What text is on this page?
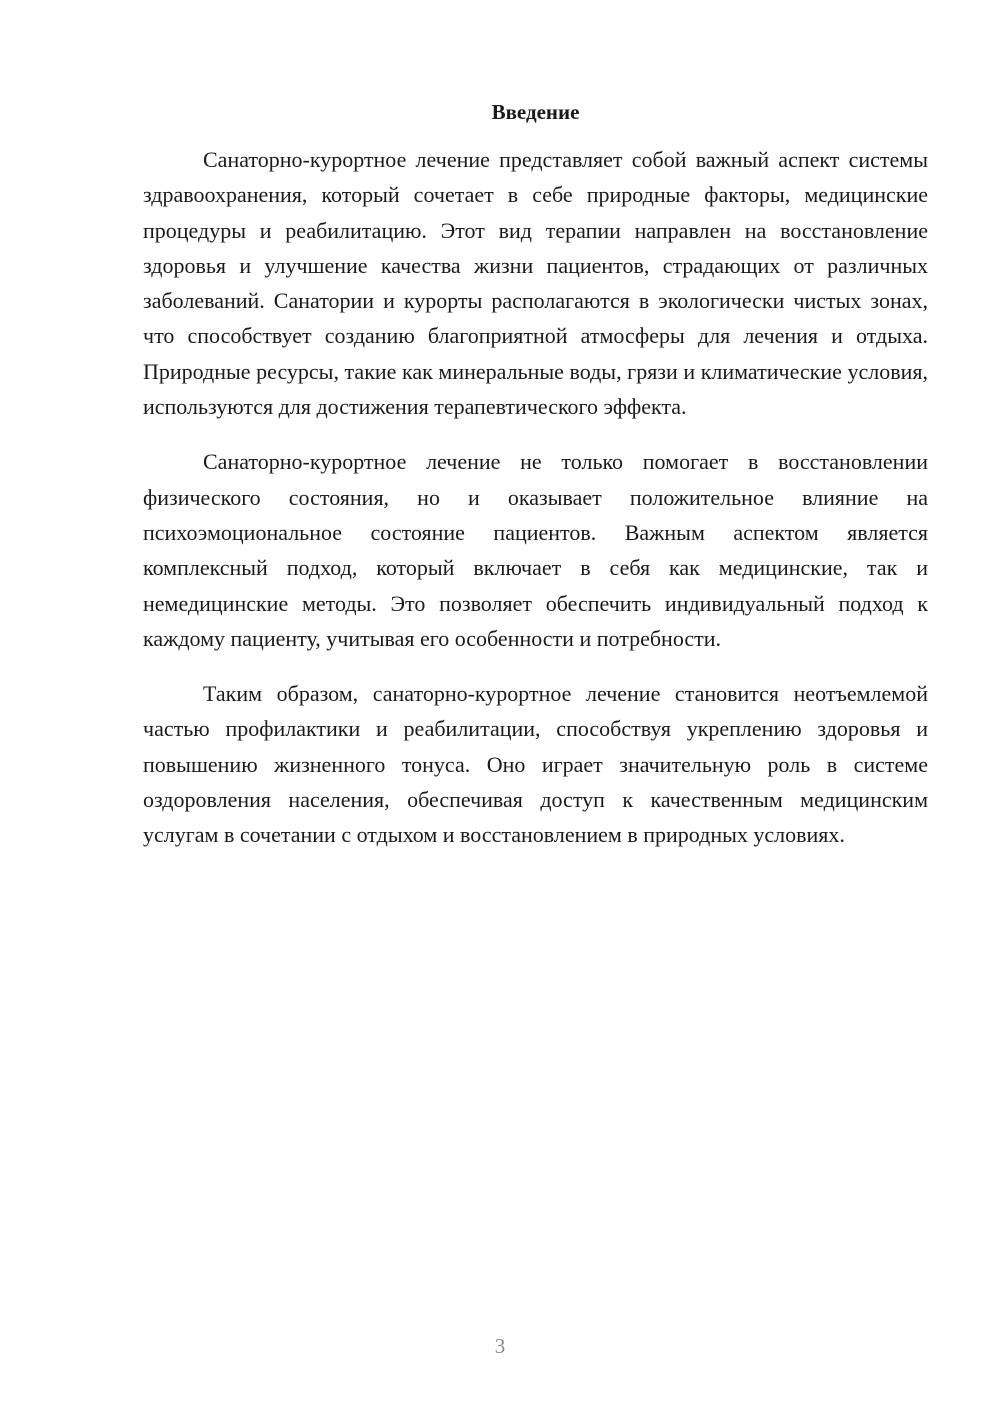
Введение

Санаторно-курортное лечение представляет собой важный аспект системы здравоохранения, который сочетает в себе природные факторы, медицинские процедуры и реабилитацию. Этот вид терапии направлен на восстановление здоровья и улучшение качества жизни пациентов, страдающих от различных заболеваний. Санатории и курорты располагаются в экологически чистых зонах, что способствует созданию благоприятной атмосферы для лечения и отдыха. Природные ресурсы, такие как минеральные воды, грязи и климатические условия, используются для достижения терапевтического эффекта.

Санаторно-курортное лечение не только помогает в восстановлении физического состояния, но и оказывает положительное влияние на психоэмоциональное состояние пациентов. Важным аспектом является комплексный подход, который включает в себя как медицинские, так и немедицинские методы. Это позволяет обеспечить индивидуальный подход к каждому пациенту, учитывая его особенности и потребности.

Таким образом, санаторно-курортное лечение становится неотъемлемой частью профилактики и реабилитации, способствуя укреплению здоровья и повышению жизненного тонуса. Оно играет значительную роль в системе оздоровления населения, обеспечивая доступ к качественным медицинским услугам в сочетании с отдыхом и восстановлением в природных условиях.

3
